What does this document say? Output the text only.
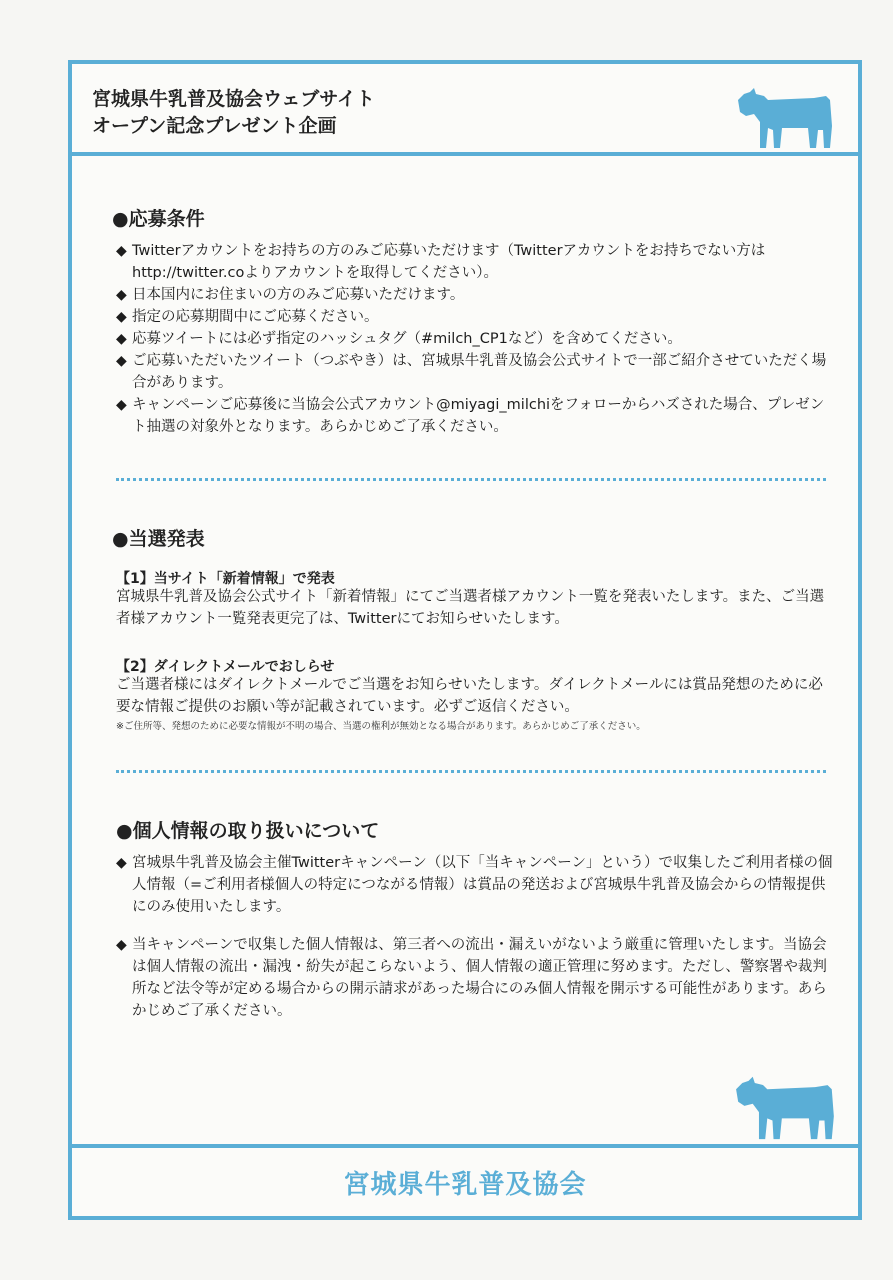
宮城県牛乳普及協会ウェブサイト
オープン記念プレゼント企画
●応募条件
◆ Twitterアカウントをお持ちの方のみご応募いただけます（Twitterアカウントをお持ちでない方はhttp://twitter.coよりアカウントを取得してください）。
◆ 日本国内にお住まいの方のみご応募いただけます。
◆ 指定の応募期間中にご応募ください。
◆ 応募ツイートには必ず指定のハッシュタグ（#milch_CP1など）を含めてください。
◆ ご応募いただいたツイート（つぶやき）は、宮城県牛乳普及協会公式サイトで一部ご紹介させていただく場合があります。
◆ キャンペーンご応募後に当協会公式アカウント@miyagi_milchiをフォローからハズされた場合、プレゼント抽選の対象外となります。あらかじめご了承ください。
●当選発表
【1】当サイト「新着情報」で発表
宮城県牛乳普及協会公式サイト「新着情報」にてご当選者様アカウント一覧を発表いたします。また、ご当選者様アカウント一覧発表更完了は、Twitterにてお知らせいたします。
【2】ダイレクトメールでおしらせ
ご当選者様にはダイレクトメールでご当選をお知らせいたします。ダイレクトメールには賞品発想のために必要な情報ご提供のお願い等が記載されています。必ずご返信ください。
※ご住所等、発想のために必要な情報が不明の場合、当選の権利が無効となる場合があります。あらかじめご了承ください。
●個人情報の取り扱いについて
◆ 宮城県牛乳普及協会主催Twitterキャンペーン（以下「当キャンペーン」という）で収集したご利用者様の個人情報（=ご利用者様個人の特定につながる情報）は賞品の発送および宮城県牛乳普及協会からの情報提供にのみ使用いたします。
◆ 当キャンペーンで収集した個人情報は、第三者への流出・漏えいがないよう厳重に管理いたします。当協会は個人情報の流出・漏洩・紛失が起こらないよう、個人情報の適正管理に努めます。ただし、警察署や裁判所など法令等が定める場合からの開示請求があった場合にのみ個人情報を開示する可能性があります。あらかじめご了承ください。
宮城県牛乳普及協会
